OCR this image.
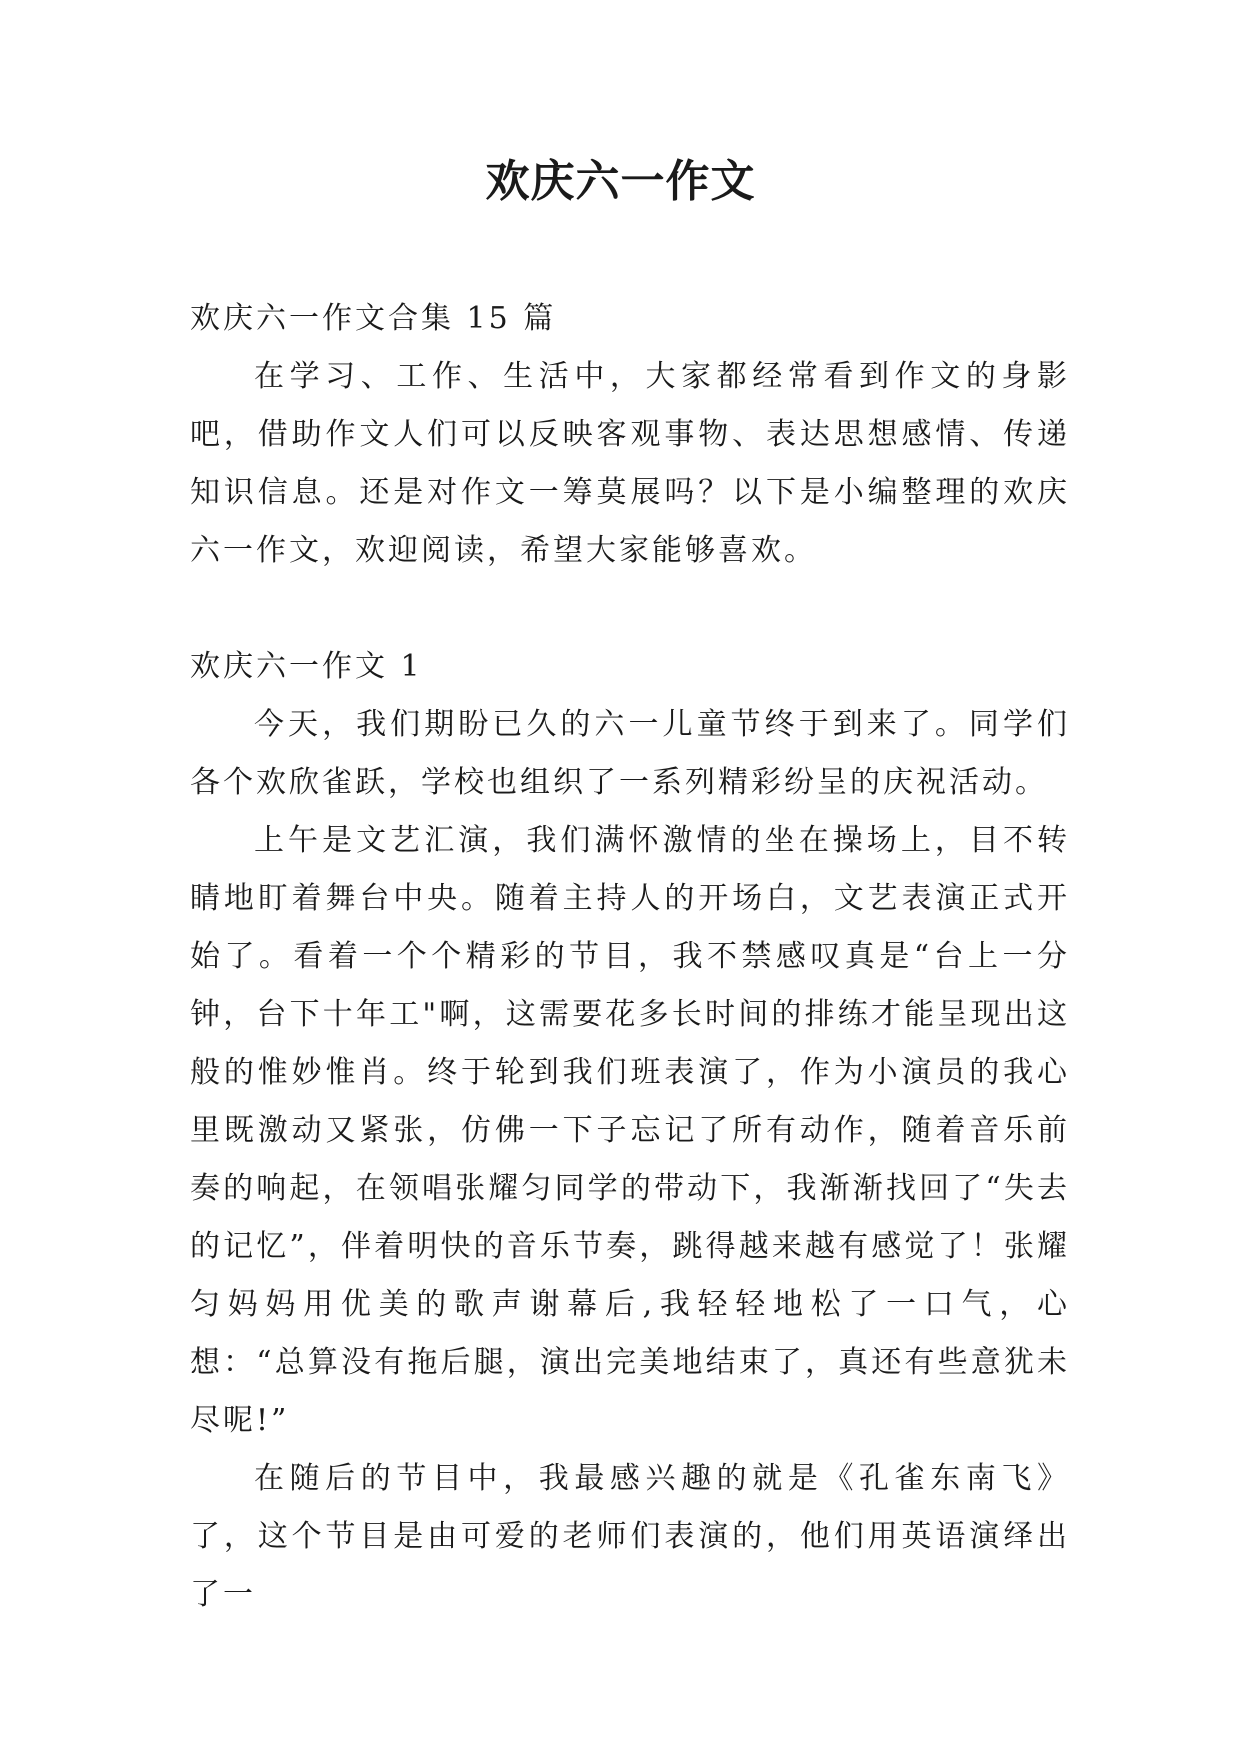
欢庆六一作文

欢庆六一作文合集 15 篇

在学习、工作、生活中，大家都经常看到作文的身影吧，借助作文人们可以反映客观事物、表达思想感情、传递知识信息。还是对作文一筹莫展吗？以下是小编整理的欢庆六一作文，欢迎阅读，希望大家能够喜欢。

欢庆六一作文 1

今天，我们期盼已久的六一儿童节终于到来了。同学们各个欢欣雀跃，学校也组织了一系列精彩纷呈的庆祝活动。

上午是文艺汇演，我们满怀激情的坐在操场上，目不转睛地盯着舞台中央。随着主持人的开场白，文艺表演正式开始了。看着一个个精彩的节目，我不禁感叹真是“台上一分钟，台下十年工"啊，这需要花多长时间的排练才能呈现出这般的惟妙惟肖。终于轮到我们班表演了，作为小演员的我心里既激动又紧张，仿佛一下子忘记了所有动作，随着音乐前奏的响起，在领唱张耀匀同学的带动下，我渐渐找回了“失去的记忆”，伴着明快的音乐节奏，跳得越来越有感觉了！张耀匀妈妈用优美的歌声谢幕后,我轻轻地松了一口气，心想：“总算没有拖后腿，演出完美地结束了，真还有些意犹未尽呢!”

在随后的节目中，我最感兴趣的就是《孔雀东南飞》了，这个节目是由可爱的老师们表演的，他们用英语演绎出了一
